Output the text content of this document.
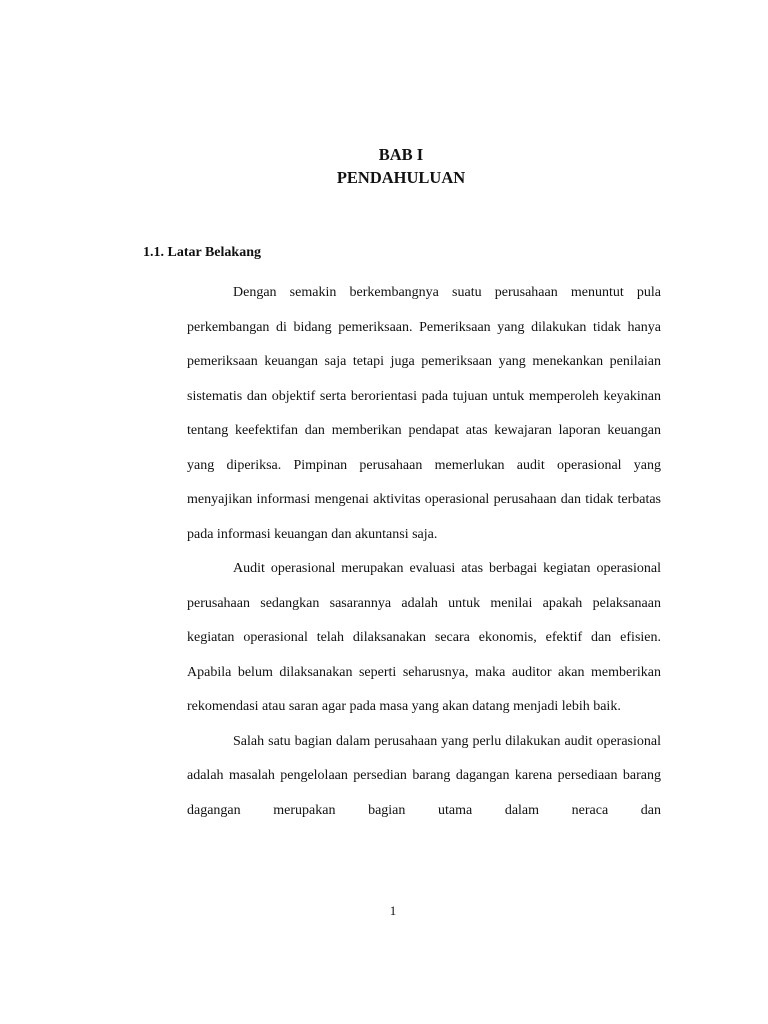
BAB I
PENDAHULUAN
1.1. Latar Belakang

Dengan semakin berkembangnya suatu perusahaan menuntut pula perkembangan di bidang pemeriksaan. Pemeriksaan yang dilakukan tidak hanya pemeriksaan keuangan saja tetapi juga pemeriksaan yang menekankan penilaian sistematis dan objektif serta berorientasi pada tujuan untuk memperoleh keyakinan tentang keefektifan dan memberikan pendapat atas kewajaran laporan keuangan yang diperiksa. Pimpinan perusahaan memerlukan audit operasional yang menyajikan informasi mengenai aktivitas operasional perusahaan dan tidak terbatas pada informasi keuangan dan akuntansi saja.

Audit operasional merupakan evaluasi atas berbagai kegiatan operasional perusahaan sedangkan sasarannya adalah untuk menilai apakah pelaksanaan kegiatan operasional telah dilaksanakan secara ekonomis, efektif dan efisien. Apabila belum dilaksanakan seperti seharusnya, maka auditor akan memberikan rekomendasi atau saran agar pada masa yang akan datang menjadi lebih baik.

Salah satu bagian dalam perusahaan yang perlu dilakukan audit operasional adalah masalah pengelolaan persedian barang dagangan karena persediaan barang dagangan merupakan bagian utama dalam neraca dan

1
